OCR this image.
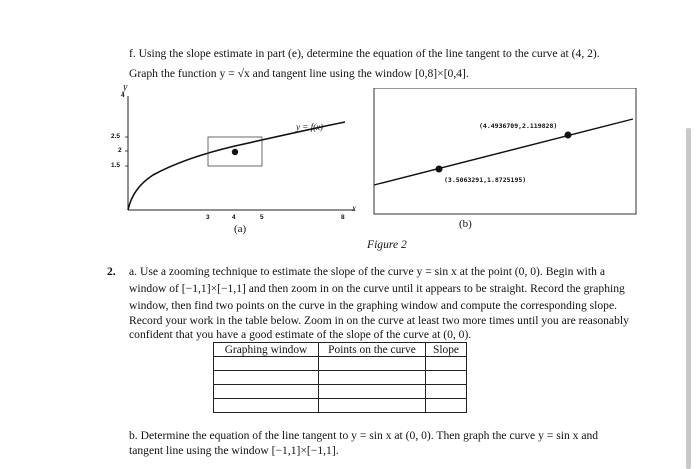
f. Using the slope estimate in part (e), determine the equation of the line tangent to the curve at (4, 2).
Graph the function y = √x and tangent line using the window [0,8]×[0,4].
y
4
2.5
2
1.5
3	4	5	8
x
y = f(x)
(a)
(4.4936709,2.119828)
(3.5063291,1.8725195)
(b)
Figure 2
2. a. Use a zooming technique to estimate the slope of the curve y = sin x at the point (0, 0). Begin with a
window of [−1,1]×[−1,1] and then zoom in on the curve until it appears to be straight. Record the graphing
window, then find two points on the curve in the graphing window and compute the corresponding slope.
Record your work in the table below. Zoom in on the curve at least two more times until you are reasonably
confident that you have a good estimate of the slope of the curve at (0, 0).
Graphing window	Points on the curve	Slope

b. Determine the equation of the line tangent to y = sin x at (0, 0). Then graph the curve y = sin x and
tangent line using the window [−1,1]×[−1,1].
